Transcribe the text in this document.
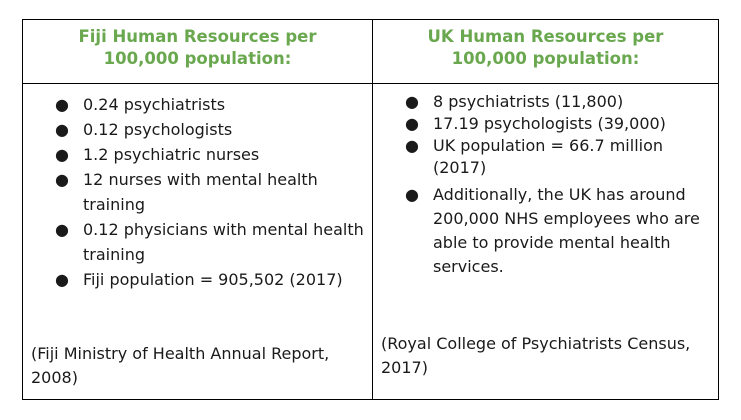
Fiji Human Resources per
100,000 population:
UK Human Resources per
100,000 population:
● 0.24 psychiatrists
● 0.12 psychologists
● 1.2 psychiatric nurses
● 12 nurses with mental health training
● 0.12 physicians with mental health training
● Fiji population = 905,502 (2017)
(Fiji Ministry of Health Annual Report, 2008)
● 8 psychiatrists (11,800)
● 17.19 psychologists (39,000)
● UK population = 66.7 million (2017)
● Additionally, the UK has around 200,000 NHS employees who are able to provide mental health services.
(Royal College of Psychiatrists Census, 2017)
